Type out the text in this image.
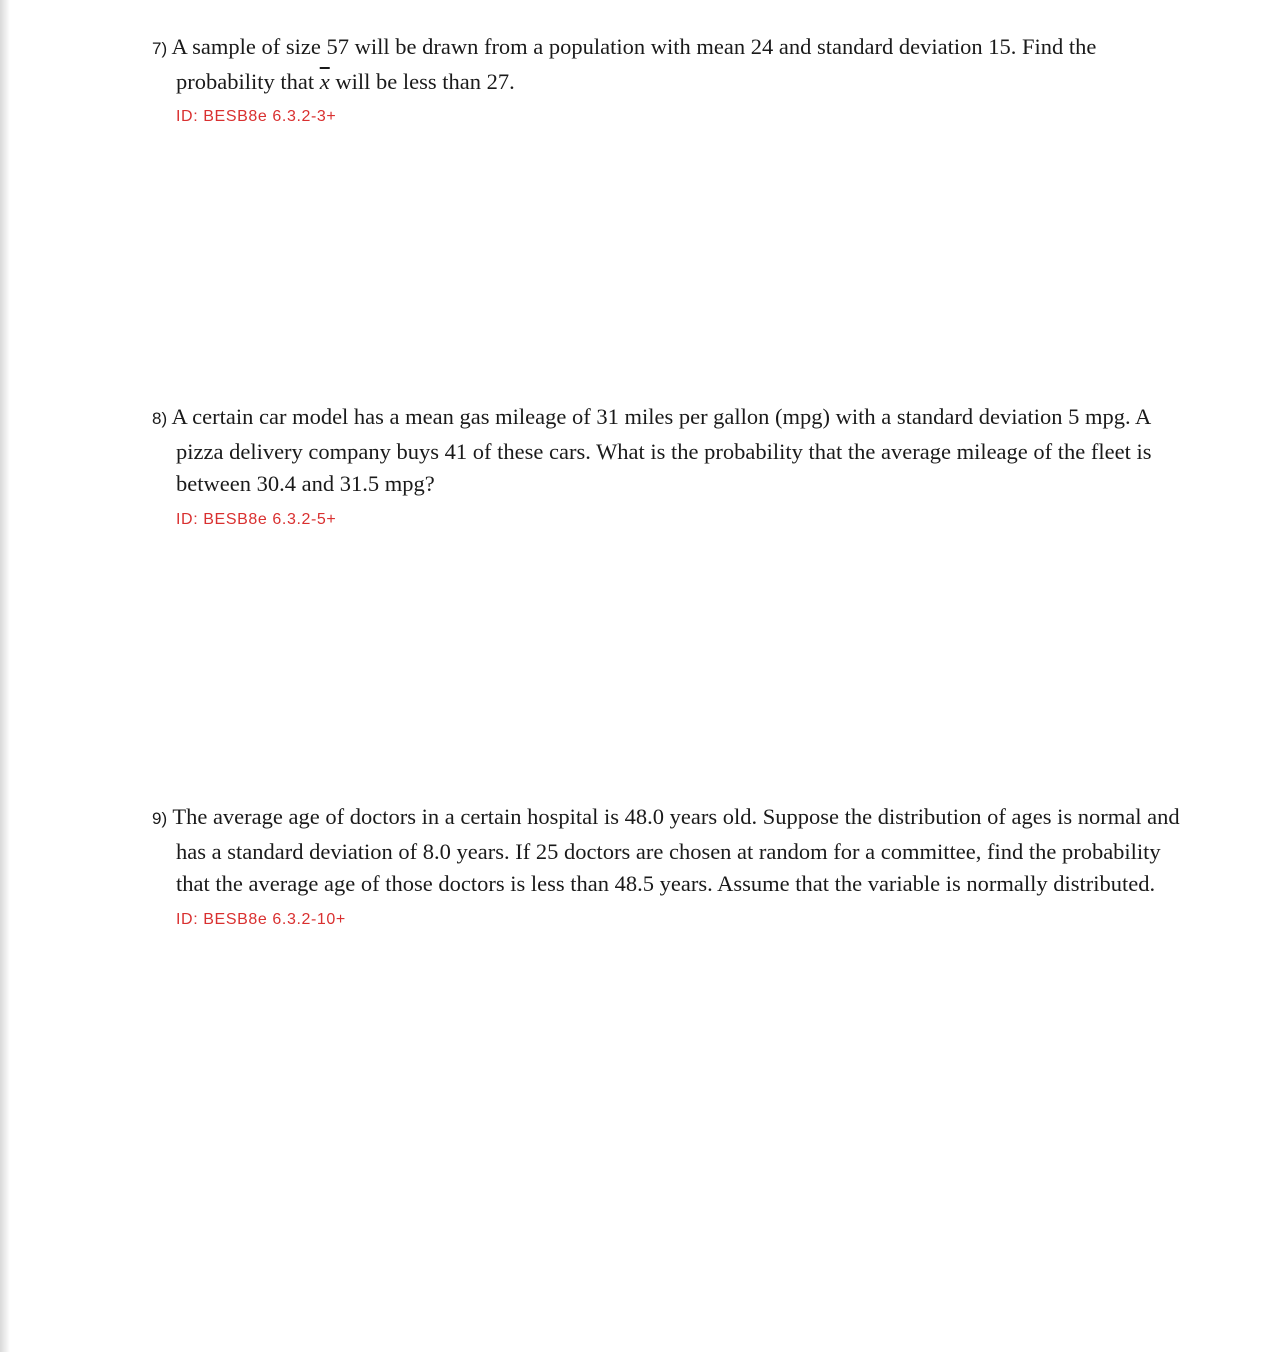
7) A sample of size 57 will be drawn from a population with mean 24 and standard deviation 15. Find the probability that $\overline{x}$ will be less than 27.

ID: BESB8e 6.3.2-3+

8) A certain car model has a mean gas mileage of 31 miles per gallon (mpg) with a standard deviation 5 mpg. A pizza delivery company buys 41 of these cars. What is the probability that the average mileage of the fleet is between 30.4 and 31.5 mpg?

ID: BESB8e 6.3.2-5+

9) The average age of doctors in a certain hospital is 48.0 years old. Suppose the distribution of ages is normal and has a standard deviation of 8.0 years. If 25 doctors are chosen at random for a committee, find the probability that the average age of those doctors is less than 48.5 years. Assume that the variable is normally distributed.

ID: BESB8e 6.3.2-10+
